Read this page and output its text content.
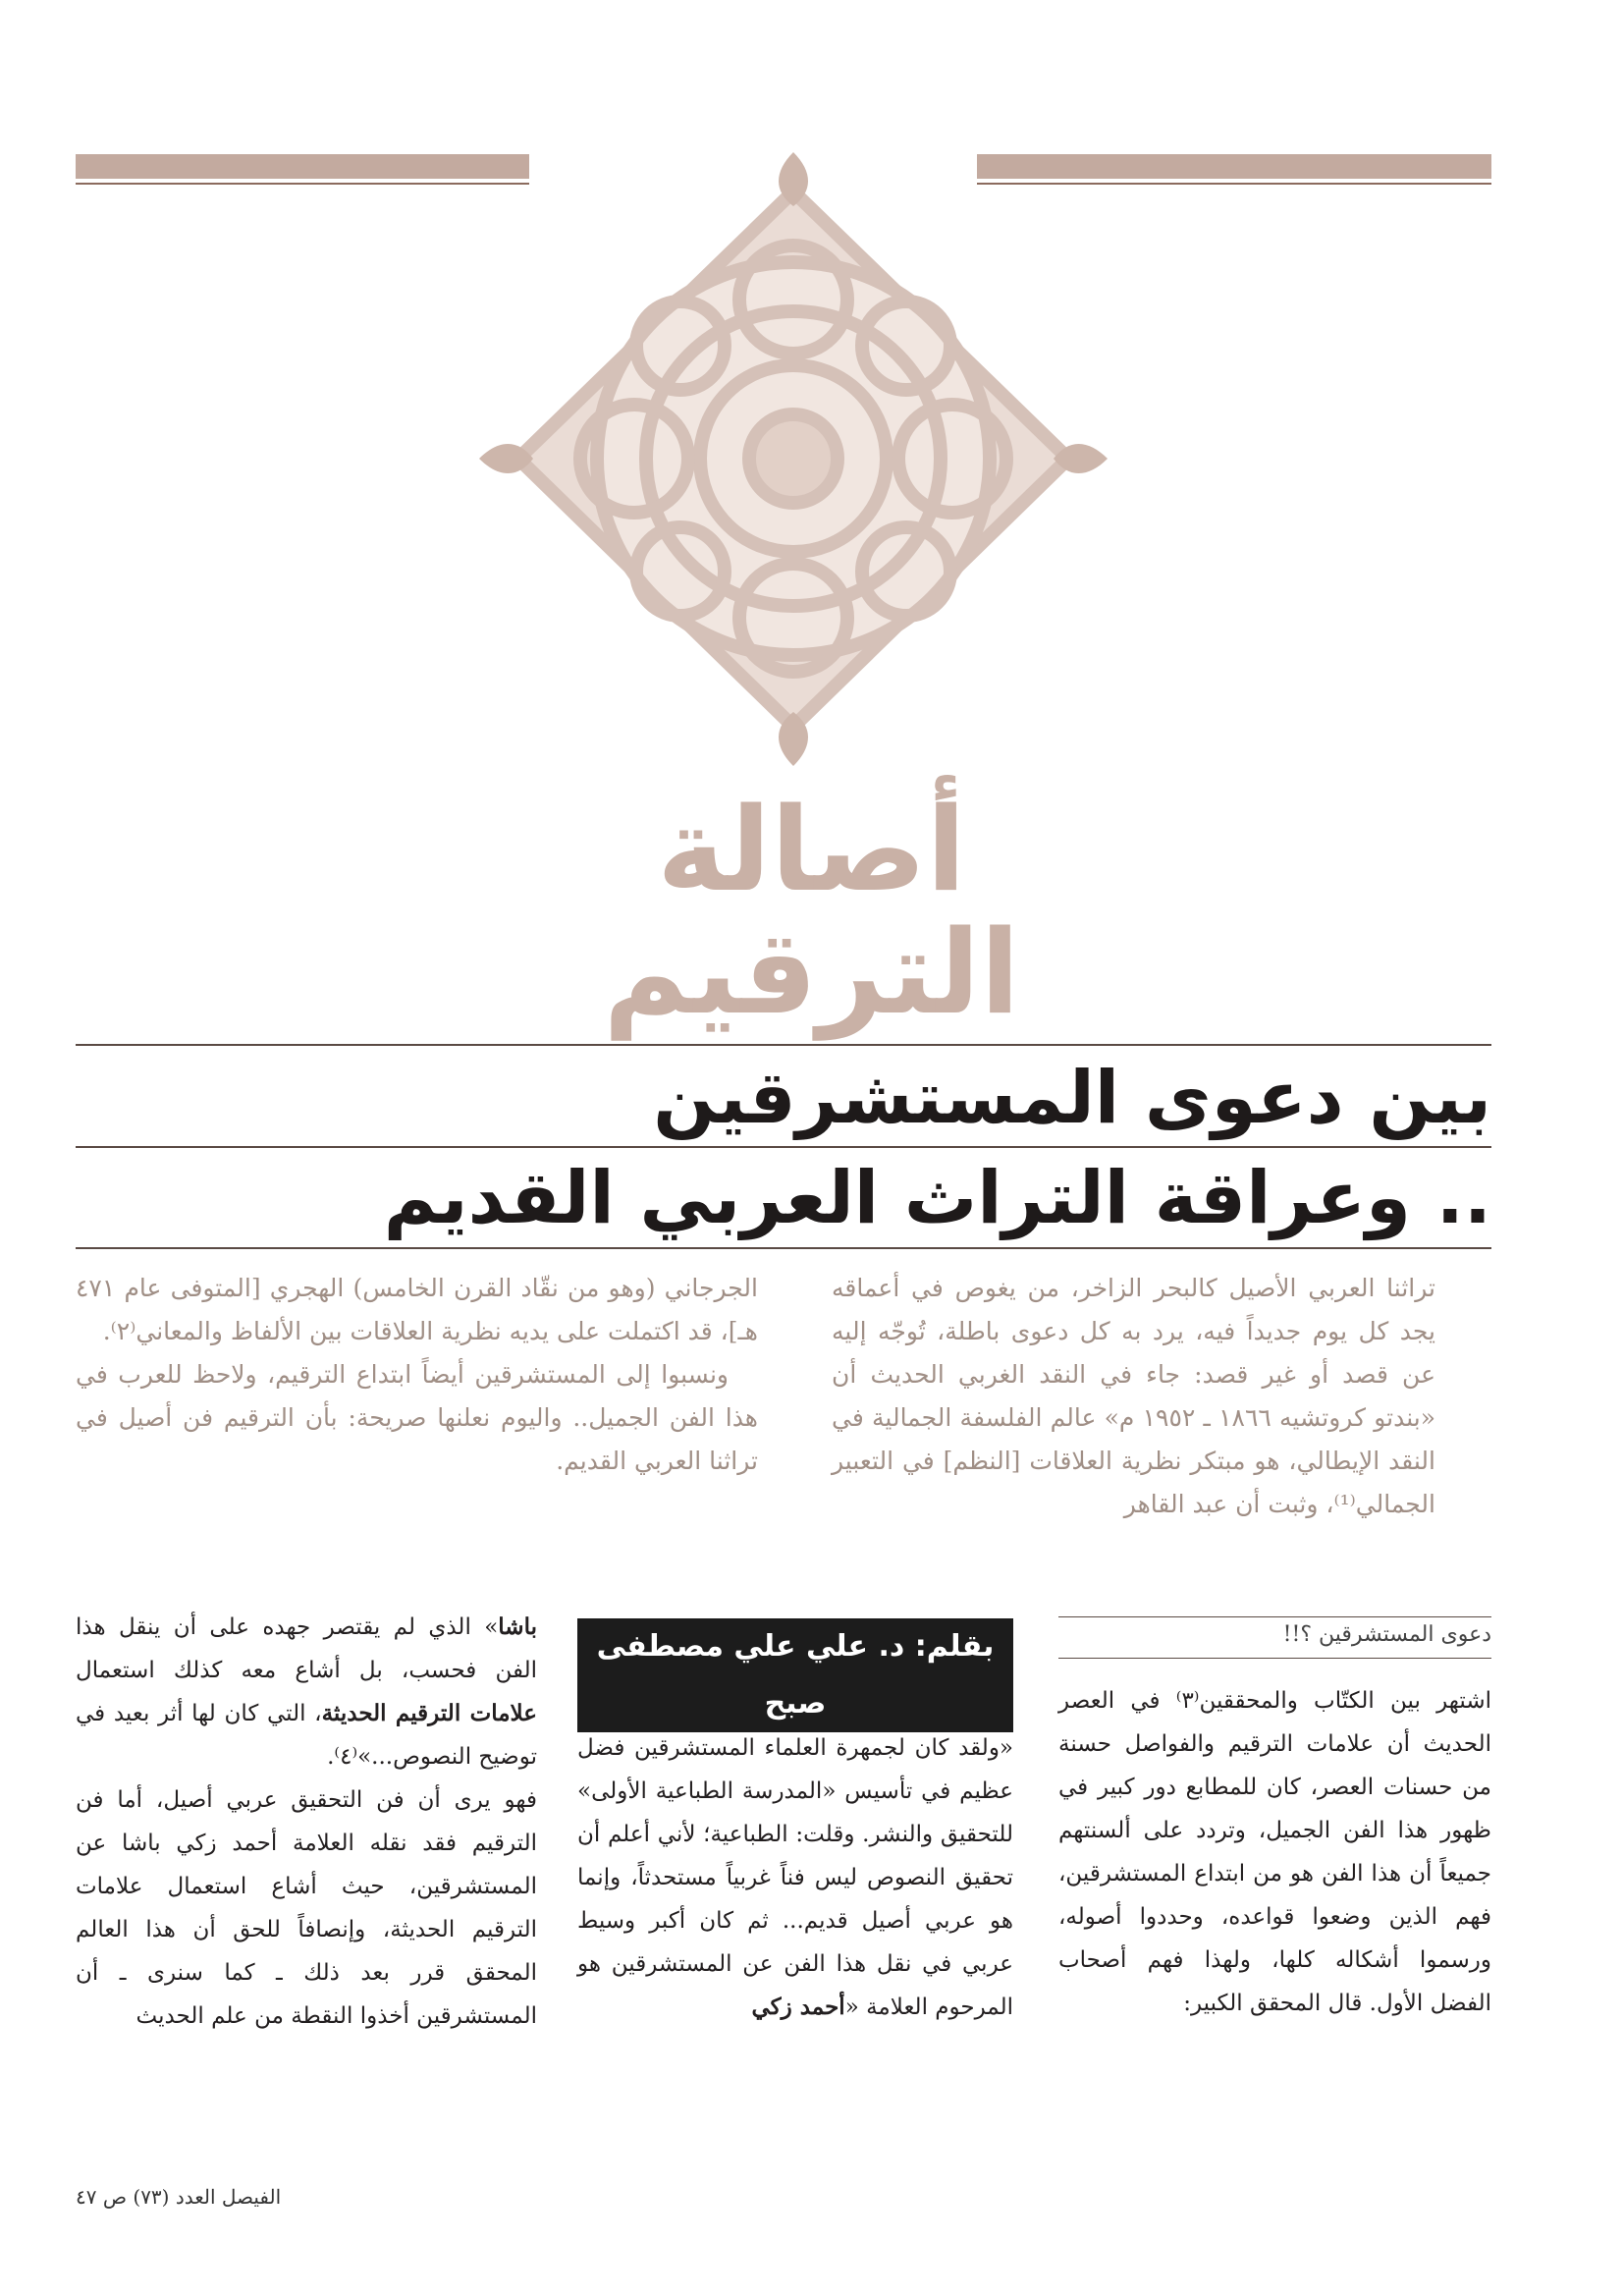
أصالة
الترقيم
بين دعوى المستشرقين
.. وعراقة التراث العربي القديم

تراثنا العربي الأصيل كالبحر الزاخر، من يغوص في أعماقه يجد كل يوم جديداً فيه، يرد به كل دعوى باطلة، تُوجّه إليه عن قصد أو غير قصد: جاء في النقد الغربي الحديث أن «بندتو كروتشيه ١٨٦٦ ـ ١٩٥٢ م» عالم الفلسفة الجمالية في النقد الإيطالي، هو مبتكر نظرية العلاقات [النظم] في التعبير الجمالي⁽¹⁾، وثبت أن عبد القاهر

الجرجاني (وهو من نقّاد القرن الخامس) الهجري [المتوفى عام ٤٧١ هـ]، قد اكتملت على يديه نظرية العلاقات بين الألفاظ والمعاني⁽٢⁾.

ونسبوا إلى المستشرقين أيضاً ابتداع الترقيم، ولاحظ للعرب في هذا الفن الجميل.. واليوم نعلنها صريحة: بأن الترقيم فن أصيل في تراثنا العربي القديم.

دعوى المستشرقين ؟!!
بقلم: د. علي علي مصطفى صبح	اشتهر بين الكتّاب والمحققين⁽٣⁾ في العصر الحديث أن علامات الترقيم والفواصل حسنة من حسنات العصر، كان للمطابع دور كبير في ظهور هذا الفن الجميل، وتردد على ألسنتهم جميعاً أن هذا الفن هو من ابتداع المستشرقين، فهم الذين وضعوا قواعده، وحددوا أصوله، ورسموا أشكاله كلها، ولهذا فهم أصحاب الفضل الأول. قال المحقق الكبير:

«ولقد كان لجمهرة العلماء المستشرقين فضل عظيم في تأسيس «المدرسة الطباعية الأولى» للتحقيق والنشر. وقلت: الطباعية؛ لأني أعلم أن تحقيق النصوص ليس فناً غربياً مستحدثاً، وإنما هو عربي أصيل قديم... ثم كان أكبر وسيط عربي في نقل هذا الفن عن المستشرقين هو المرحوم العلامة «أحمد زكي

باشا» الذي لم يقتصر جهده على أن ينقل هذا الفن فحسب، بل أشاع معه كذلك استعمال علامات الترقيم الحديثة، التي كان لها أثر بعيد في توضيح النصوص...»⁽٤⁾.

فهو يرى أن فن التحقيق عربي أصيل، أما فن الترقيم فقد نقله العلامة أحمد زكي باشا عن المستشرقين، حيث أشاع استعمال علامات الترقيم الحديثة، وإنصافاً للحق أن هذا العالم المحقق قرر بعد ذلك ـ كما سنرى ـ أن المستشرقين أخذوا النقطة من علم الحديث

الفيصل العدد (٧٣) ص ٤٧
